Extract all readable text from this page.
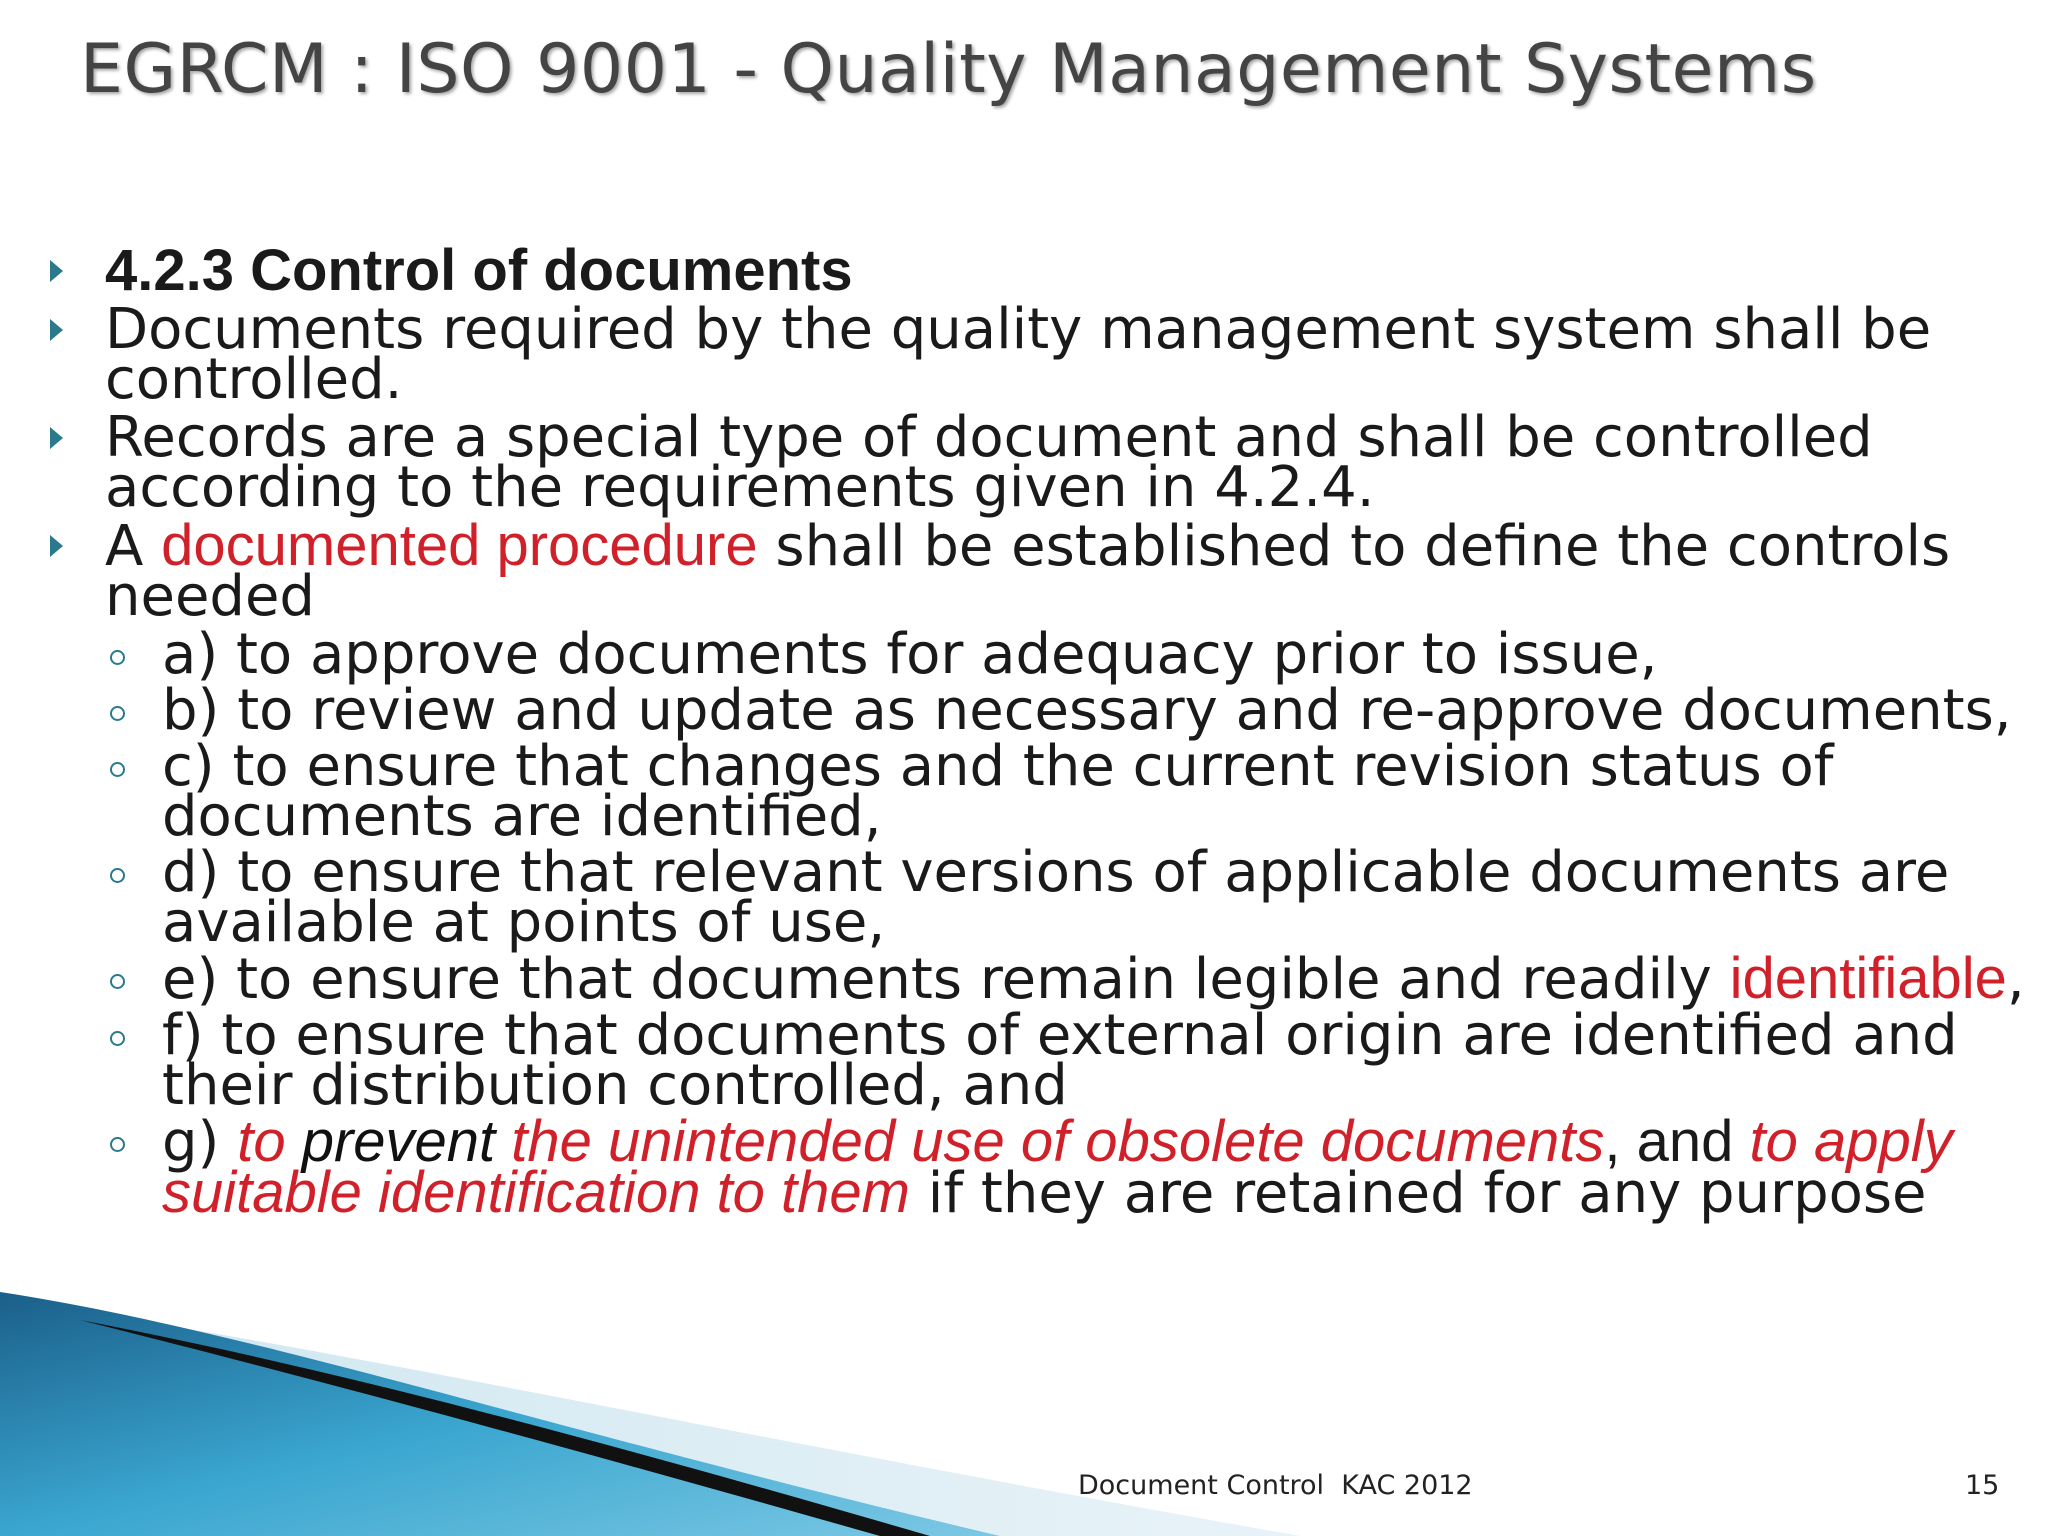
EGRCM : ISO 9001 - Quality Management Systems
4.2.3 Control of documents
Documents required by the quality management system shall be controlled.
Records are a special type of document and shall be controlled according to the requirements given in 4.2.4.
A documented procedure shall be established to define the controls needed
a) to approve documents for adequacy prior to issue,
b) to review and update as necessary and re-approve documents,
c) to ensure that changes and the current revision status of documents are identified,
d) to ensure that relevant versions of applicable documents are available at points of use,
e) to ensure that documents remain legible and readily identifiable,
f) to ensure that documents of external origin are identified and their distribution controlled, and
g) to prevent the unintended use of obsolete documents, and to apply suitable identification to them if they are retained for any purpose
Document Control  KAC 2012	15
